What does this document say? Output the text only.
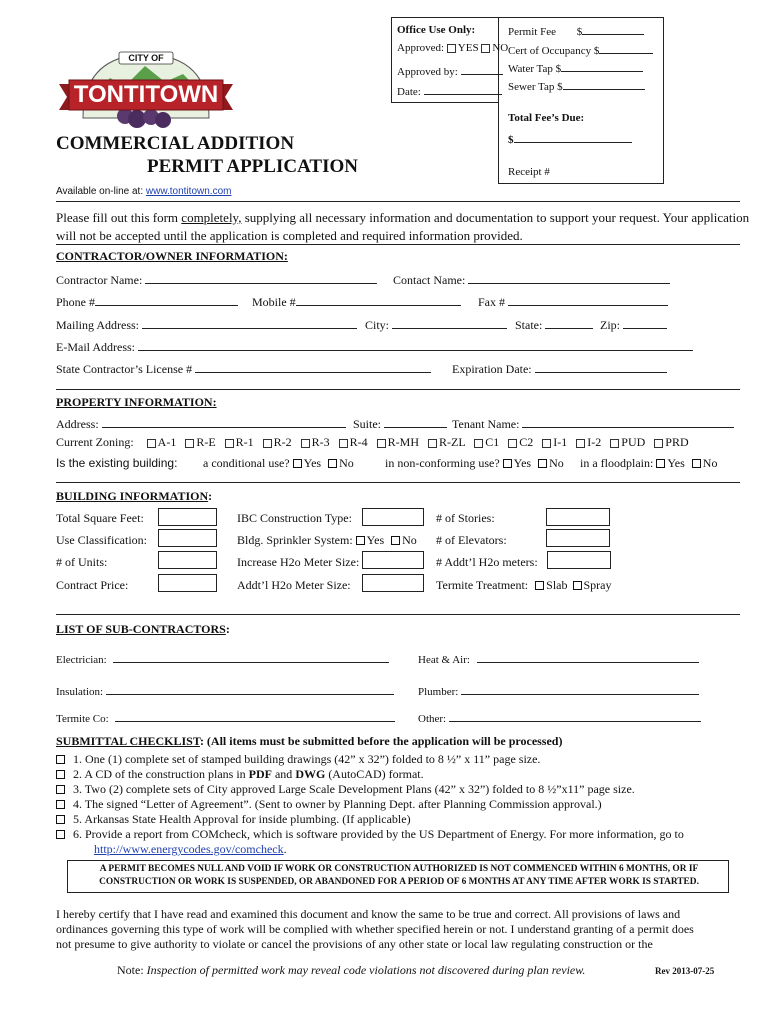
Office Use Only:
Approved: YES NO
Approved by:
Date:
Permit Fee $
Cert of Occupancy $
Water Tap $
Sewer Tap $
Total Fee’s Due:
$
Receipt #
CITY OF
TONTITOWN
COMMERCIAL ADDITION
PERMIT APPLICATION
Available on-line at: www.tontitown.com
Please fill out this form completely, supplying all necessary information and documentation to support your request. Your application
will not be accepted until the application is completed and required information provided.
CONTRACTOR/OWNER INFORMATION:
Contractor Name:	Contact Name:
Phone #	Mobile #	Fax #
Mailing Address:	City:	State:	Zip:
E-Mail Address:
State Contractor’s License #	Expiration Date:
PROPERTY INFORMATION:
Address:	Suite:	Tenant Name:
Current Zoning: A-1 R-E R-1 R-2 R-3 R-4 R-MH R-ZL C1 C2 I-1 I-2 PUD PRD
Is the existing building: a conditional use? Yes No	in non-conforming use? Yes No in a floodplain: Yes No
BUILDING INFORMATION:
Total Square Feet:	IBC Construction Type:	# of Stories:
Use Classification:	Bldg. Sprinkler System: Yes No # of Elevators:
# of Units:	Increase H2o Meter Size:	# Addt’l H2o meters:
Contract Price:	Addt’l H2o Meter Size:	Termite Treatment: Slab Spray
LIST OF SUB-CONTRACTORS:
Electrician:	Heat & Air:
Insulation:	Plumber:
Termite Co:	Other:
SUBMITTAL CHECKLIST: (All items must be submitted before the application will be processed)
1. One (1) complete set of stamped building drawings (42” x 32”) folded to 8 ½” x 11” page size.
2. A CD of the construction plans in PDF and DWG (AutoCAD) format.
3. Two (2) complete sets of City approved Large Scale Development Plans (42” x 32”) folded to 8 ½”x11” page size.
4. The signed “Letter of Agreement”. (Sent to owner by Planning Dept. after Planning Commission approval.)
5. Arkansas State Health Approval for inside plumbing. (If applicable)
6. Provide a report from COMcheck, which is software provided by the US Department of Energy. For more information, go to
http://www.energycodes.gov/comcheck.
A PERMIT BECOMES NULL AND VOID IF WORK OR CONSTRUCTION AUTHORIZED IS NOT COMMENCED WITHIN 6 MONTHS, OR IF
CONSTRUCTION OR WORK IS SUSPENDED, OR ABANDONED FOR A PERIOD OF 6 MONTHS AT ANY TIME AFTER WORK IS STARTED.
I hereby certify that I have read and examined this document and know the same to be true and correct. All provisions of laws and
ordinances governing this type of work will be complied with whether specified herein or not. I understand granting of a permit does
not presume to give authority to violate or cancel the provisions of any other state or local law regulating construction or the
Note: Inspection of permitted work may reveal code violations not discovered during plan review.	Rev 2013-07-25
